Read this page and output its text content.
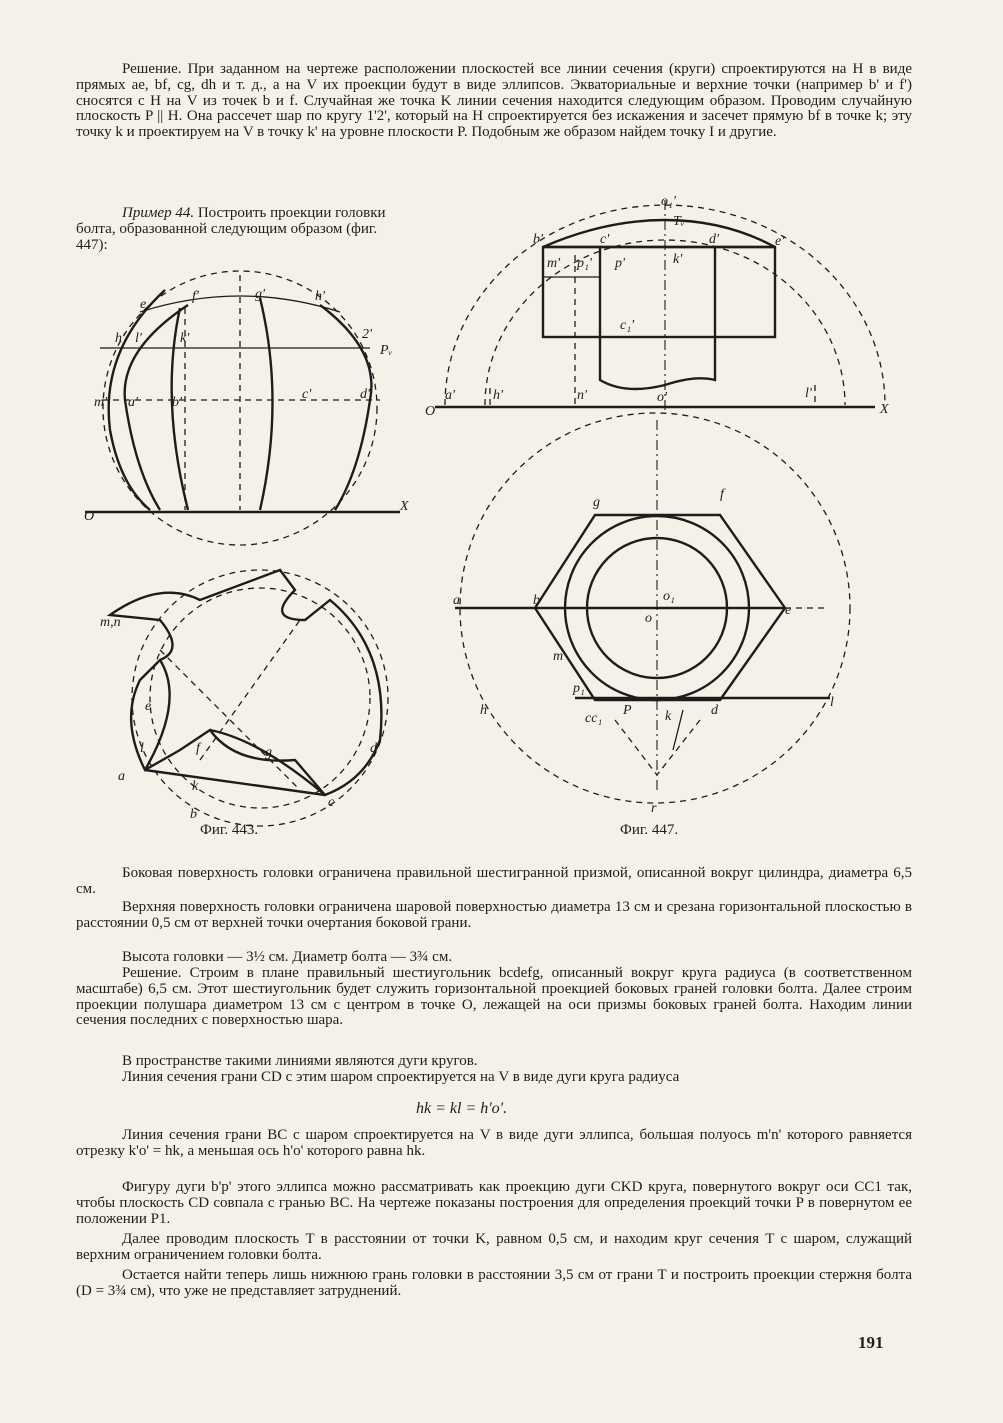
Решение. При заданном на чертеже расположении плоскостей все линии сечения (круги) спроектируются на H в виде прямых ae, bf, cg, dh и т. д., а на V их проекции будут в виде эллипсов. Экваториальные и верхние точки (например b' и f') сносятся с H на V из точек b и f. Случайная же точка K линии сечения находится следующим образом. Проводим случайную плоскость P || H. Она рассечет шар по кругу 1'2', который на H спроектируется без искажения и засечет прямую bf в точке k; эту точку k и проектируем на V в точку k' на уровне плоскости P. Подобным же образом найдем точку I и другие.

Пример 44. Построить проекции головки болта, образованной следующим образом (фиг. 447):

e
f'	g'	h'
h' l'	k'	2'
Pᵥ
m' a' b'
c'	d'
O
X
m,n
e
f	g	d
l
k
a
b
c
o₁'
Tᵥ
b'	c'	d'	e'
m' p₁' p'	k'
c₁'
a'	h'	n'	o'	l'
O	X
g
f
a	b	o₁
o
e
m
p₁
h
cc₁
P k	d
l
r
Фиг. 443.	Фиг. 447.

Боковая поверхность головки ограничена правильной шестигранной призмой, описанной вокруг цилиндра, диаметра 6,5 см.

Верхняя поверхность головки ограничена шаровой поверхностью диаметра 13 см и срезана горизонтальной плоскостью в расстоянии 0,5 см от верхней точки очертания боковой грани.

Высота головки — 3½ см. Диаметр болта — 3¾ см.

Решение. Строим в плане правильный шестиугольник bcdefg, описанный вокруг круга радиуса (в соответственном масштабе) 6,5 см. Этот шестиугольник будет служить горизонтальной проекцией боковых граней головки болта. Далее строим проекции полушара диаметром 13 см с центром в точке O, лежащей на оси призмы боковых граней болта. Находим линии сечения последних с поверхностью шара.

В пространстве такими линиями являются дуги кругов.

Линия сечения грани CD с этим шаром спроектируется на V в виде дуги круга радиуса

hk = kl = h'o'.

Линия сечения грани BC с шаром спроектируется на V в виде дуги эллипса, большая полуось m'n' которого равняется отрезку k'o' = hk, а меньшая ось h'o' которого равна hk.

Фигуру дуги b'p' этого эллипса можно рассматривать как проекцию дуги CKD круга, повернутого вокруг оси CC1 так, чтобы плоскость CD совпала с гранью BC. На чертеже показаны построения для определения проекций точки P в повернутом ее положении P1.

Далее проводим плоскость T в расстоянии от точки K, равном 0,5 см, и находим круг сечения T с шаром, служащий верхним ограничением головки болта.

Остается найти теперь лишь нижнюю грань головки в расстоянии 3,5 см от грани T и построить проекции стержня болта (D = 3¾ см), что уже не представляет затруднений.

191
